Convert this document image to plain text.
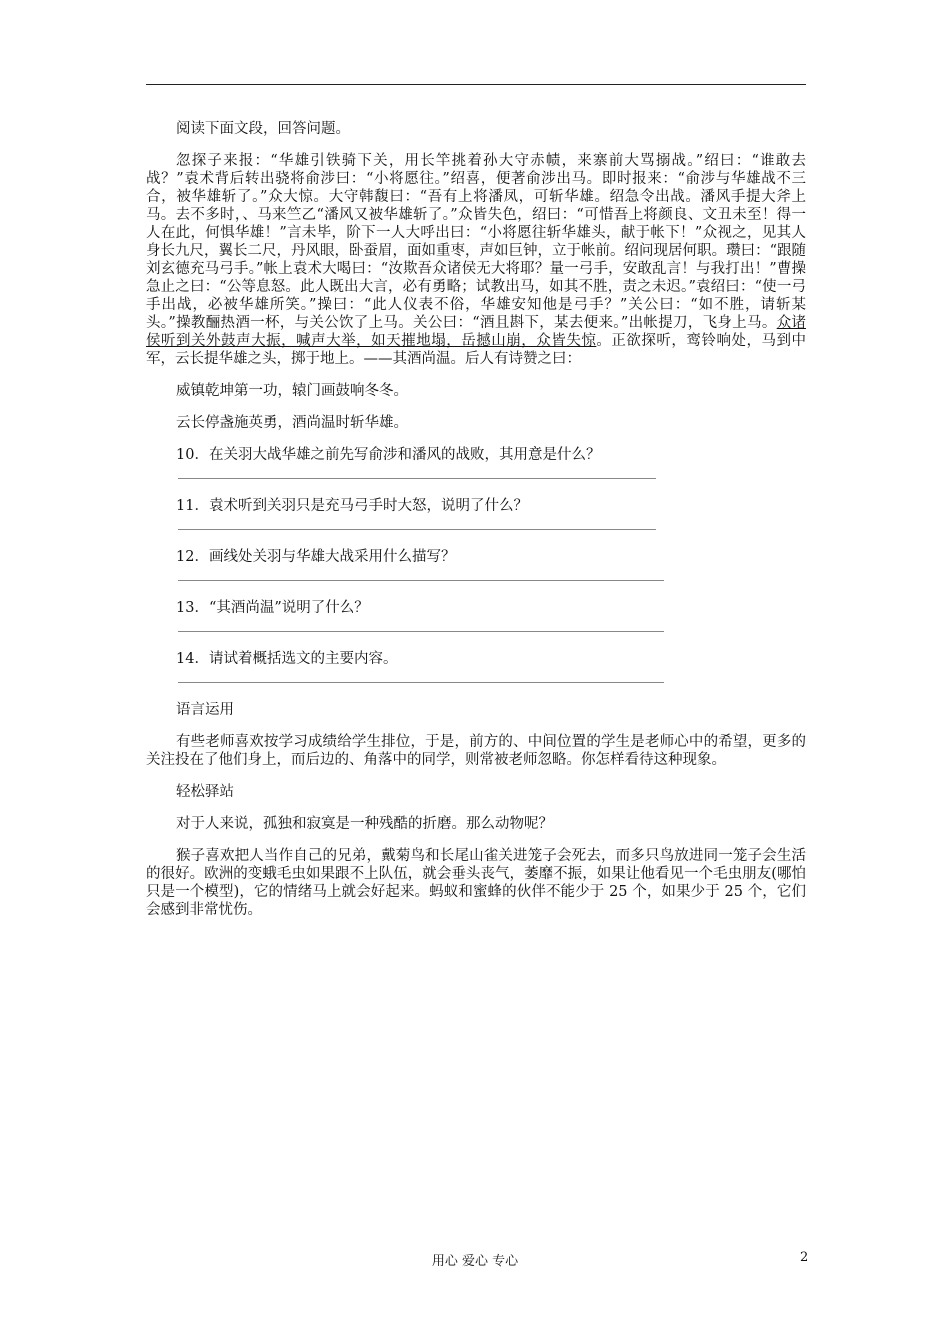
阅读下面文段，回答问题。

忽探子来报：“华雄引铁骑下关，用长竿挑着孙大守赤帻，来寨前大骂搦战。”绍曰：“谁敢去战？”袁术背后转出骁将俞涉曰：“小将愿往。”绍喜，便著俞涉出马。即时报来：“俞涉与华雄战不三合，被华雄斩了。”众大惊。大守韩馥曰：“吾有上将潘凤，可斩华雄。绍急令出战。潘风手提大斧上马。去不多时，、马来竺乙“潘风又被华雄斩了。”众皆失色，绍曰：“可惜吾上将颜良、文丑未至！得一人在此，何惧华雄！”言未毕，阶下一人大呼出曰：“小将愿往斩华雄头，献于帐下！”众视之，见其人身长九尺，翼长二尺，丹风眼，卧蚕眉，面如重枣，声如巨钟，立于帐前。绍问现居何职。瓒曰：“跟随刘玄德充马弓手。”帐上袁术大喝曰：“汝欺吾众诸侯无大将耶？量一弓手，安敢乱言！与我打出！”曹操急止之曰：“公等息怒。此人既出大言，必有勇略；试教出马，如其不胜，责之未迟。”袁绍曰：“使一弓手出战，必被华雄所笑。”操曰：“此人仪表不俗，华雄安知他是弓手？”关公曰：“如不胜，请斩某头。”操教酾热酒一杯，与关公饮了上马。关公曰：“酒且斟下，某去便来。”出帐提刀，飞身上马。众诸侯听到关外鼓声大振，喊声大举，如天摧地塌，岳撼山崩，众皆失惊。正欲探听，鸾铃响处，马到中军，云长提华雄之头，掷于地上。——其酒尚温。后人有诗赞之曰：

威镇乾坤第一功，辕门画鼓响冬冬。

云长停盏施英勇，酒尚温时斩华雄。

10．在关羽大战华雄之前先写俞涉和潘风的战败，其用意是什么？

11．袁术听到关羽只是充马弓手时大怒，说明了什么？

12．画线处关羽与华雄大战采用什么描写？

13．“其酒尚温”说明了什么？

14．请试着概括选文的主要内容。

语言运用

有些老师喜欢按学习成绩给学生排位，于是，前方的、中间位置的学生是老师心中的希望，更多的关注投在了他们身上，而后边的、角落中的同学，则常被老师忽略。你怎样看待这种现象。

轻松驿站

对于人来说，孤独和寂寞是一种残酷的折磨。那么动物呢？

猴子喜欢把人当作自己的兄弟，戴菊鸟和长尾山雀关进笼子会死去，而多只鸟放进同一笼子会生活的很好。欧洲的变蛾毛虫如果跟不上队伍，就会垂头丧气，萎靡不振，如果让他看见一个毛虫朋友(哪怕只是一个模型)，它的情绪马上就会好起来。蚂蚁和蜜蜂的伙伴不能少于 25 个，如果少于 25 个，它们会感到非常忧伤。

用心 爱心 专心	2
